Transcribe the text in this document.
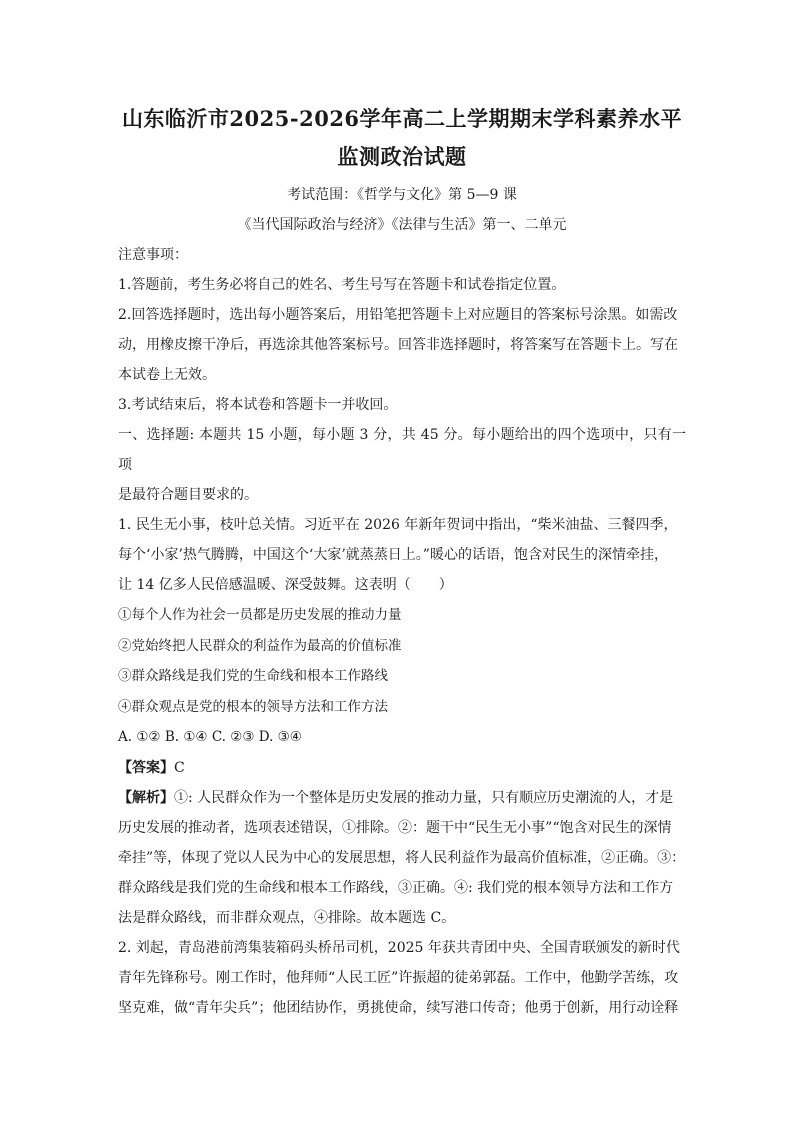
山东临沂市2025-2026学年高二上学期期末学科素养水平

监测政治试题

考试范围：《哲学与文化》第 5—9 课

《当代国际政治与经济》《法律与生活》第一、二单元

注意事项：

1.答题前，考生务必将自己的姓名、考生号写在答题卡和试卷指定位置。

2.回答选择题时，选出每小题答案后，用铅笔把答题卡上对应题目的答案标号涂黑。如需改

动，用橡皮擦干净后，再选涂其他答案标号。回答非选择题时，将答案写在答题卡上。写在

本试卷上无效。

3.考试结束后，将本试卷和答题卡一并收回。

一、选择题: 本题共 15 小题，每小题 3 分，共 45 分。每小题给出的四个选项中，只有一项

是最符合题目要求的。

1. 民生无小事，枝叶总关情。习近平在 2026 年新年贺词中指出，“柴米油盐、三餐四季，

每个‘小家’热气腾腾，中国这个‘大家’就蒸蒸日上。”暖心的话语，饱含对民生的深情牵挂，

让 14 亿多人民倍感温暖、深受鼓舞。这表明（　　）

①每个人作为社会一员都是历史发展的推动力量

②党始终把人民群众的利益作为最高的价值标准

③群众路线是我们党的生命线和根本工作路线

④群众观点是党的根本的领导方法和工作方法

A. ①② B. ①④ C. ②③ D. ③④

【答案】C

【解析】①: 人民群众作为一个整体是历史发展的推动力量，只有顺应历史潮流的人，才是

历史发展的推动者，选项表述错误，①排除。②：题干中“民生无小事”“饱含对民生的深情

牵挂”等，体现了党以人民为中心的发展思想，将人民利益作为最高价值标准，②正确。③：

群众路线是我们党的生命线和根本工作路线，③正确。④: 我们党的根本领导方法和工作方

法是群众路线，而非群众观点，④排除。故本题选 C。

2. 刘起，青岛港前湾集装箱码头桥吊司机，2025 年获共青团中央、全国青联颁发的新时代

青年先锋称号。刚工作时，他拜师“人民工匠”许振超的徒弟郭磊。工作中，他勤学苦练，攻

坚克难，做“青年尖兵”；他团结协作，勇挑使命，续写港口传奇；他勇于创新，用行动诠释
